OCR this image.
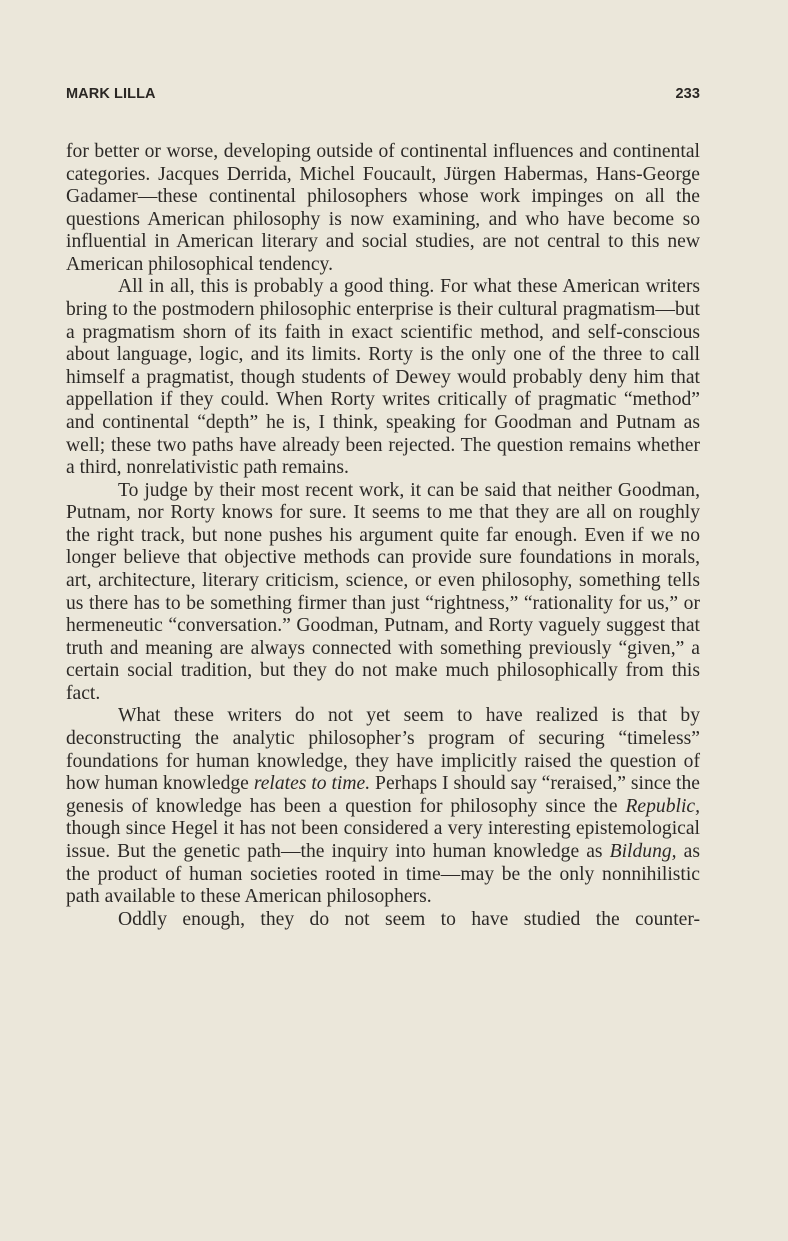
MARK LILLA	233

for better or worse, developing outside of continental influences and continental categories. Jacques Derrida, Michel Foucault, Jürgen Habermas, Hans-George Gadamer—these continental philosophers whose work impinges on all the questions American philosophy is now examining, and who have become so influential in American literary and social studies, are not central to this new American philosophical tendency.

All in all, this is probably a good thing. For what these American writers bring to the postmodern philosophic enterprise is their cultural pragmatism—but a pragmatism shorn of its faith in exact scientific method, and self-conscious about language, logic, and its limits. Rorty is the only one of the three to call himself a pragmatist, though students of Dewey would probably deny him that appellation if they could. When Rorty writes critically of pragmatic “method” and continental “depth” he is, I think, speaking for Goodman and Putnam as well; these two paths have already been rejected. The question remains whether a third, nonrelativistic path remains.

To judge by their most recent work, it can be said that neither Goodman, Putnam, nor Rorty knows for sure. It seems to me that they are all on roughly the right track, but none pushes his argument quite far enough. Even if we no longer believe that objective methods can provide sure foundations in morals, art, architecture, literary criticism, science, or even philosophy, something tells us there has to be something firmer than just “rightness,” “rationality for us,” or hermeneutic “conversation.” Goodman, Putnam, and Rorty vaguely suggest that truth and meaning are always connected with something previously “given,” a certain social tradition, but they do not make much philosophically from this fact.

What these writers do not yet seem to have realized is that by deconstructing the analytic philosopher’s program of securing “timeless” foundations for human knowledge, they have implicitly raised the question of how human knowledge relates to time. Perhaps I should say “reraised,” since the genesis of knowledge has been a question for philosophy since the Republic, though since Hegel it has not been considered a very interesting epistemological issue. But the genetic path—the inquiry into human knowledge as Bildung, as the product of human societies rooted in time—may be the only nonnihilistic path available to these American philosophers.

Oddly enough, they do not seem to have studied the counter-
